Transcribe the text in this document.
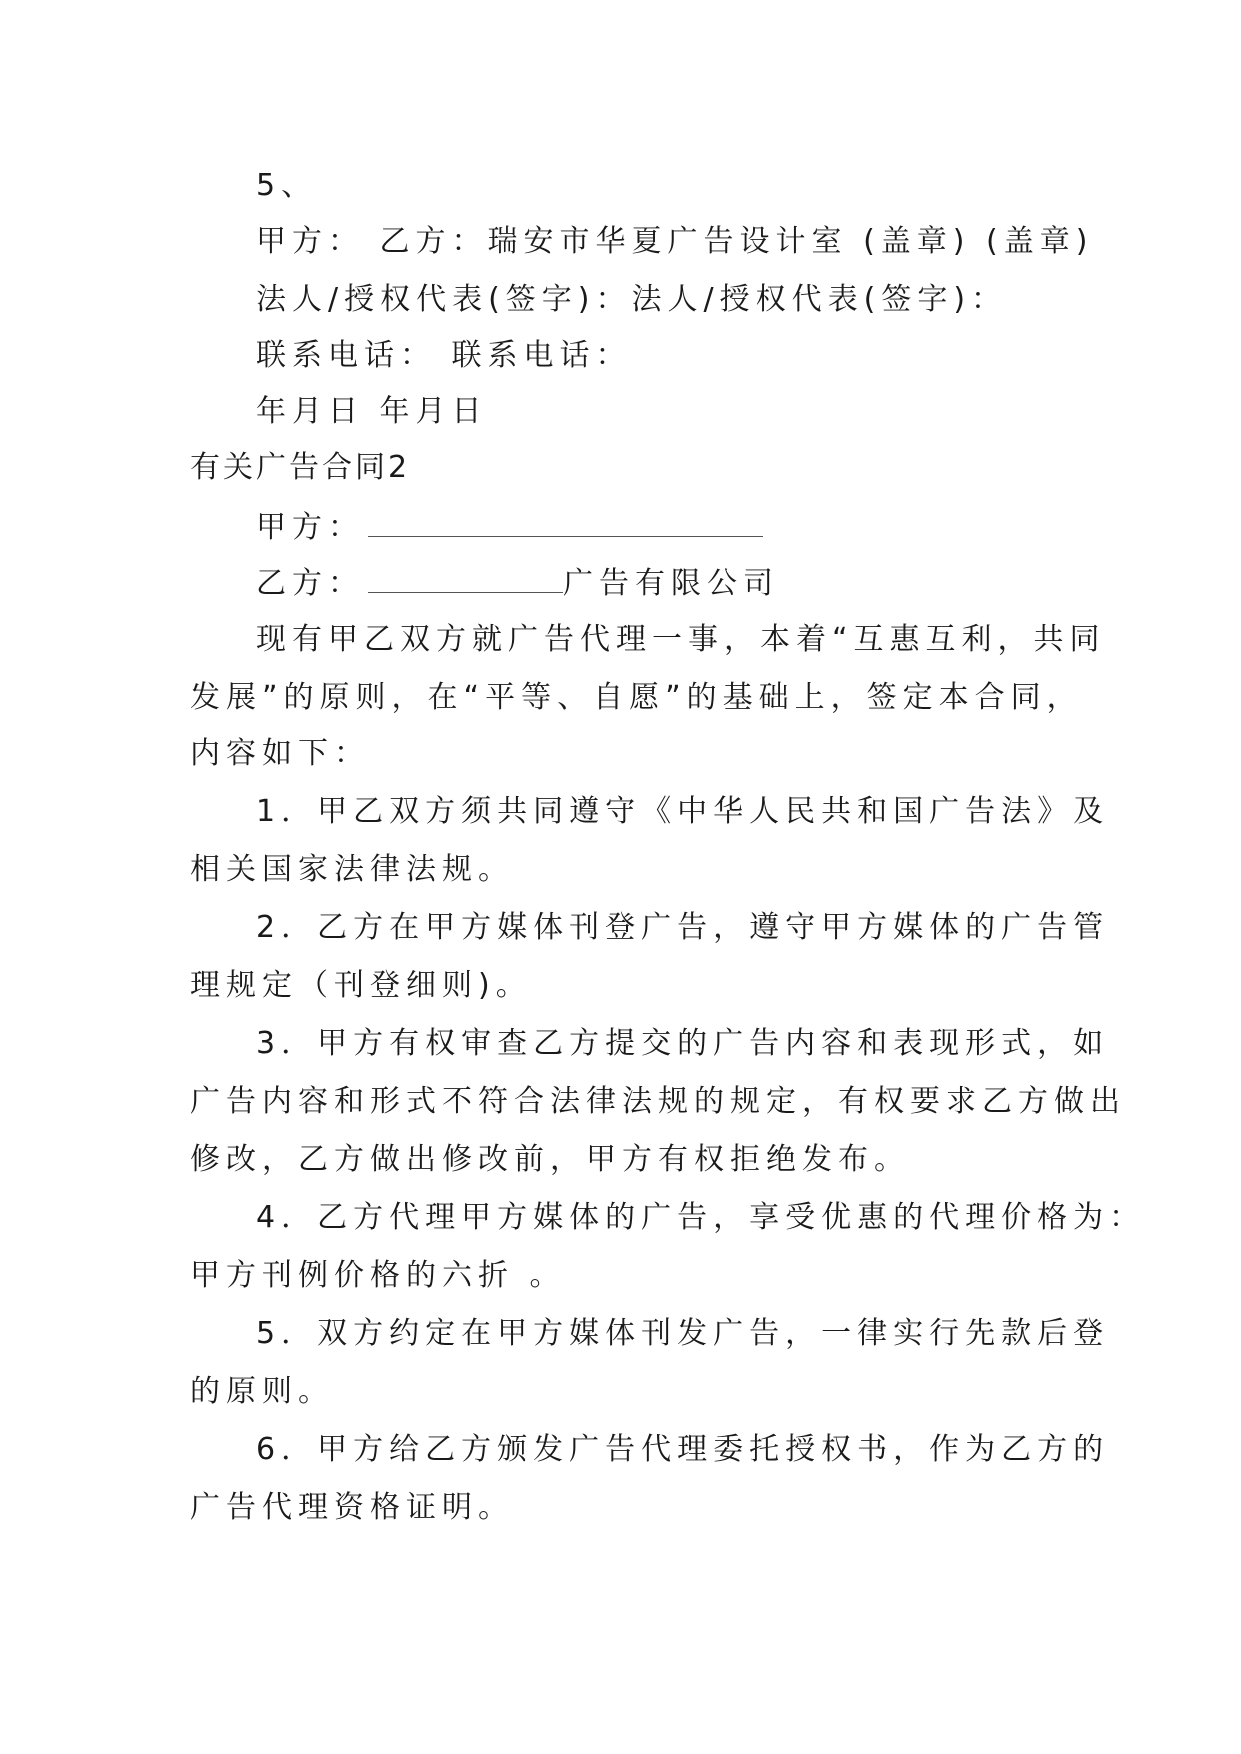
5、
甲方： 乙方：瑞安市华夏广告设计室 (盖章) (盖章)
法人/授权代表(签字)：法人/授权代表(签字)：
联系电话： 联系电话：
年月日 年月日
有关广告合同2
甲方：
乙方：	广告有限公司
现有甲乙双方就广告代理一事，本着“互惠互利，共同
发展”的原则，在“平等、自愿”的基础上，签定本合同，
内容如下：
1．甲乙双方须共同遵守《中华人民共和国广告法》及
相关国家法律法规。
2．乙方在甲方媒体刊登广告，遵守甲方媒体的广告管
理规定（刊登细则)。
3．甲方有权审查乙方提交的广告内容和表现形式，如
广告内容和形式不符合法律法规的规定，有权要求乙方做出
修改，乙方做出修改前，甲方有权拒绝发布。
4．乙方代理甲方媒体的广告，享受优惠的代理价格为：
甲方刊例价格的六折 。
5．双方约定在甲方媒体刊发广告，一律实行先款后登
的原则。
6．甲方给乙方颁发广告代理委托授权书，作为乙方的
广告代理资格证明。
